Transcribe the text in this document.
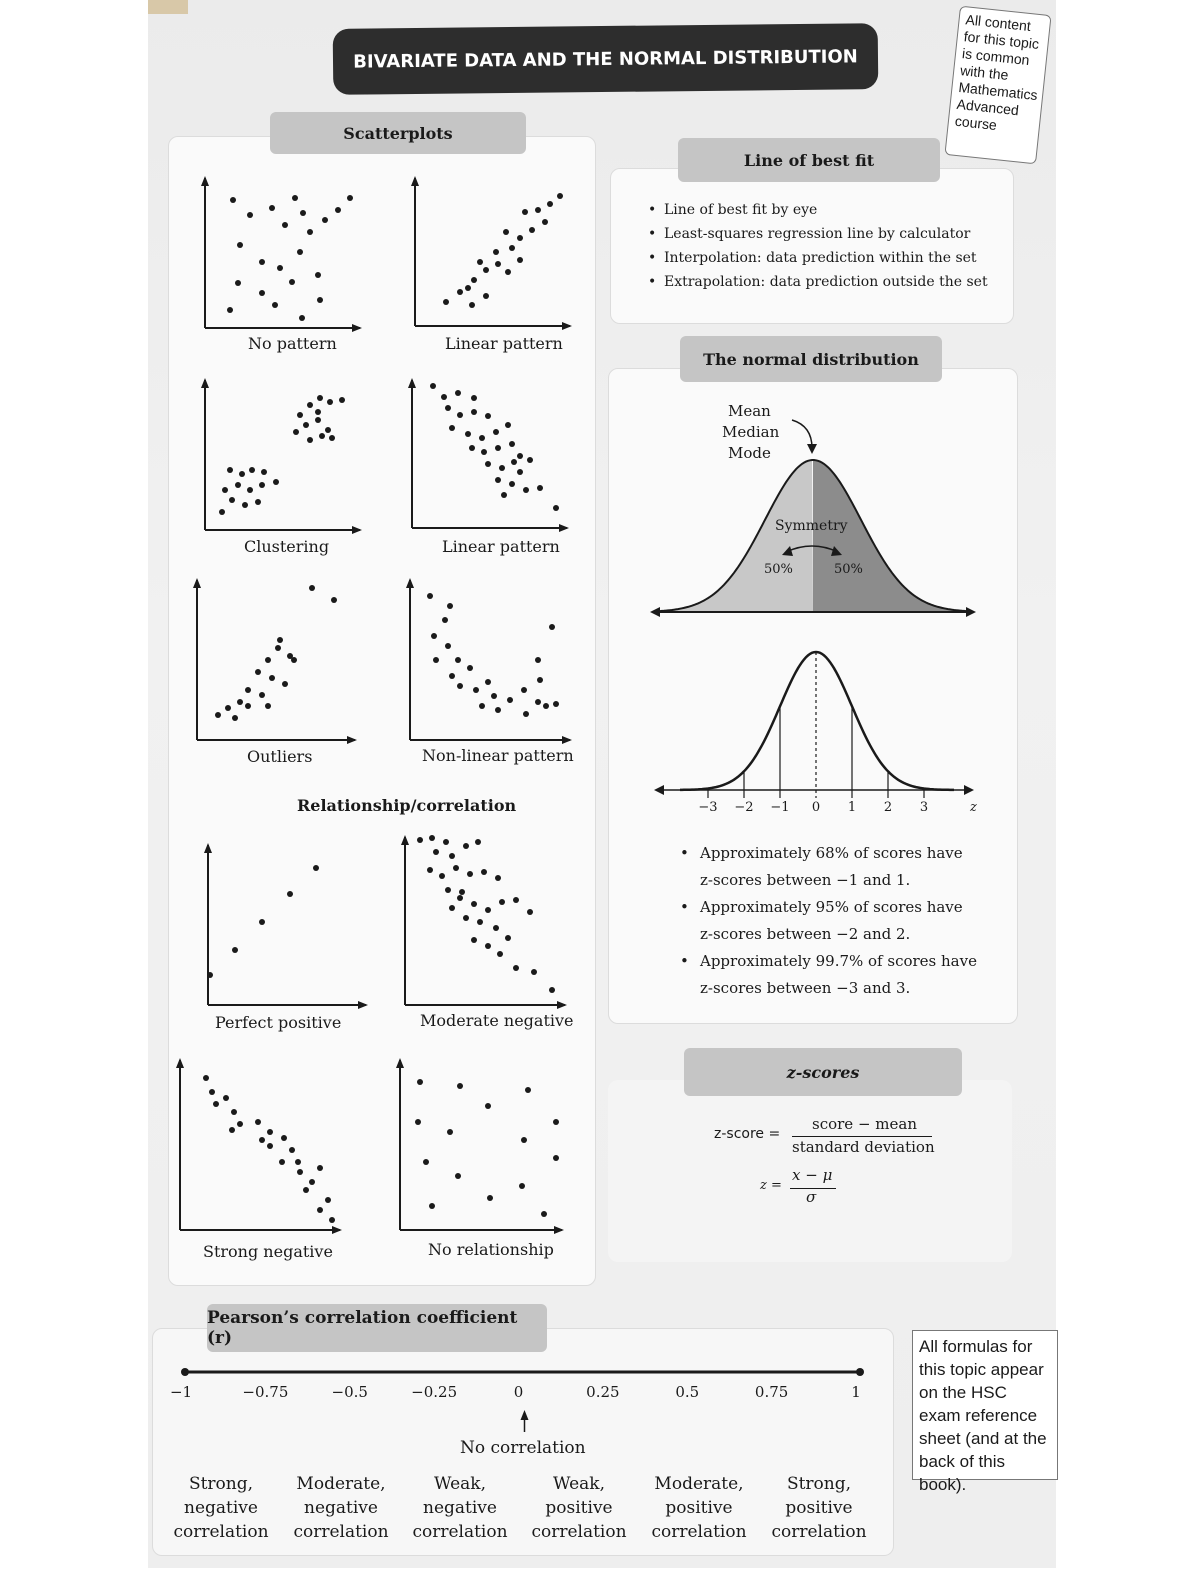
BIVARIATE DATA AND THE NORMAL DISTRIBUTION
All content for this topic is common with the Mathematics Advanced course
Scatterplots
No pattern	Linear pattern
Clustering	Linear pattern
Outliers	Non-linear pattern
Relationship/correlation
Perfect positive	Moderate negative
Strong negative	No relationship
Line of best fit
• Line of best fit by eye
• Least-squares regression line by calculator
• Interpolation: data prediction within the set
• Extrapolation: data prediction outside the set
The normal distribution
Mean
Median
Mode
Symmetry
50%	50%
−3 −2 −1 0 1 2 3	z
• Approximately 68% of scores have z-scores between −1 and 1.
• Approximately 95% of scores have z-scores between −2 and 2.
• Approximately 99.7% of scores have z-scores between −3 and 3.
z-scores
z-score =
score − mean
standard deviation
z =
x − μ
σ
Pearson’s correlation coefficient (r)
−1	−0.75	−0.5	−0.25	0	0.25	0.5	0.75	1
No correlation
Strong,
negative
correlation
Moderate,
negative
correlation
Weak,
negative
correlation
Weak,
positive
correlation
Moderate,
positive
correlation
Strong,
positive
correlation
All formulas for this topic appear on the HSC exam reference sheet (and at the back of this book).
